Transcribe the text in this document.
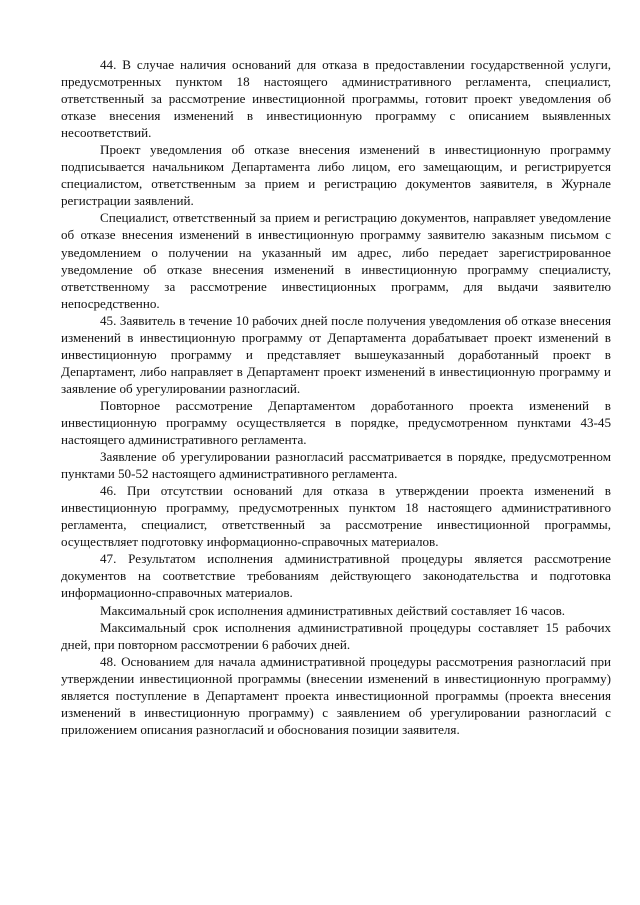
44. В случае наличия оснований для отказа в предоставлении государственной услуги, предусмотренных пунктом 18 настоящего административного регламента, специалист, ответственный за рассмотрение инвестиционной программы, готовит проект уведомления об отказе внесения изменений в инвестиционную программу с описанием выявленных несоответствий.

Проект уведомления об отказе внесения изменений в инвестиционную программу подписывается начальником Департамента либо лицом, его замещающим, и регистрируется специалистом, ответственным за прием и регистрацию документов заявителя, в Журнале регистрации заявлений.

Специалист, ответственный за прием и регистрацию документов, направляет уведомление об отказе внесения изменений в инвестиционную программу заявителю заказным письмом с уведомлением о получении на указанный им адрес, либо передает зарегистрированное уведомление об отказе внесения изменений в инвестиционную программу специалисту, ответственному за рассмотрение инвестиционных программ, для выдачи заявителю непосредственно.

45. Заявитель в течение 10 рабочих дней после получения уведомления об отказе внесения изменений в инвестиционную программу от Департамента дорабатывает проект изменений в инвестиционную программу и представляет вышеуказанный доработанный проект в Департамент, либо направляет в Департамент проект изменений в инвестиционную программу и заявление об урегулировании разногласий.

Повторное рассмотрение Департаментом доработанного проекта изменений в инвестиционную программу осуществляется в порядке, предусмотренном пунктами 43-45 настоящего административного регламента.

Заявление об урегулировании разногласий рассматривается в порядке, предусмотренном пунктами 50-52 настоящего административного регламента.

46. При отсутствии оснований для отказа в утверждении проекта изменений в инвестиционную программу, предусмотренных пунктом 18 настоящего административного регламента, специалист, ответственный за рассмотрение инвестиционной программы, осуществляет подготовку информационно-справочных материалов.

47. Результатом исполнения административной процедуры является рассмотрение документов на соответствие требованиям действующего законодательства и подготовка информационно-справочных материалов.

Максимальный срок исполнения административных действий составляет 16 часов.

Максимальный срок исполнения административной процедуры составляет 15 рабочих дней, при повторном рассмотрении 6 рабочих дней.

48. Основанием для начала административной процедуры рассмотрения разногласий при утверждении инвестиционной программы (внесении изменений в инвестиционную программу) является поступление в Департамент проекта инвестиционной программы (проекта внесения изменений в инвестиционную программу) с заявлением об урегулировании разногласий с приложением описания разногласий и обоснования позиции заявителя.
